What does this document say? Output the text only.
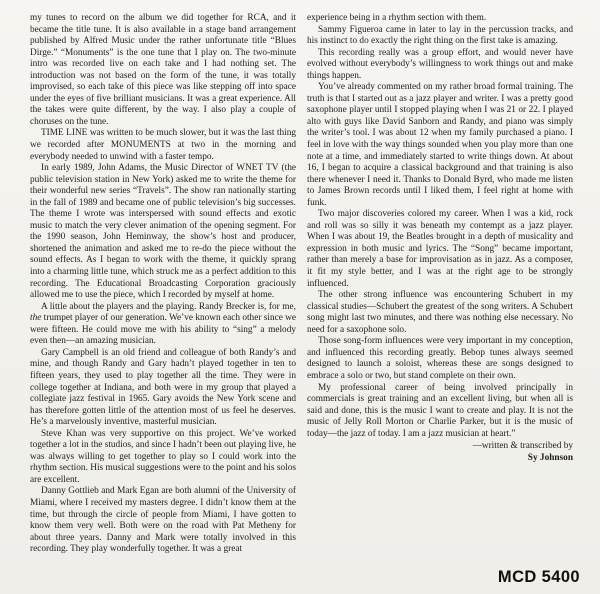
my tunes to record on the album we did together for RCA, and it became the title tune. It is also available in a stage band arrangement published by Alfred Music under the rather unfortunate title “Blues Dirge.” “Monuments” is the one tune that I play on. The two-minute intro was recorded live on each take and I had nothing set. The introduction was not based on the form of the tune, it was totally improvised, so each take of this piece was like stepping off into space under the eyes of five brilliant musicians. It was a great experience. All the takes were quite different, by the way. I also play a couple of choruses on the tune.

TIME LINE was written to be much slower, but it was the last thing we recorded after MONUMENTS at two in the morning and everybody needed to unwind with a faster tempo.

In early 1989, John Adams, the Music Director of WNET TV (the public television station in New York) asked me to write the theme for their wonderful new series “Travels”. The show ran nationally starting in the fall of 1989 and became one of public television’s big successes. The theme I wrote was interspersed with sound effects and exotic music to match the very clever animation of the opening segment. For the 1990 season, John Heminway, the show’s host and producer, shortened the animation and asked me to re-do the piece without the sound effects. As I began to work with the theme, it quickly sprang into a charming little tune, which struck me as a perfect addition to this recording. The Educational Broadcasting Corporation graciously allowed me to use the piece, which I recorded by myself at home.

A little about the players and the playing. Randy Brecker is, for me, the trumpet player of our generation. We’ve known each other since we were fifteen. He could move me with his ability to “sing” a melody even then—an amazing musician.

Gary Campbell is an old friend and colleague of both Randy’s and mine, and though Randy and Gary hadn’t played together in ten to fifteen years, they used to play together all the time. They were in college together at Indiana, and both were in my group that played a collegiate jazz festival in 1965. Gary avoids the New York scene and has therefore gotten little of the attention most of us feel he deserves. He’s a marvelously inventive, masterful musician.

Steve Khan was very supportive on this project. We’ve worked together a lot in the studios, and since I hadn’t been out playing live, he was always willing to get together to play so I could work into the rhythm section. His musical suggestions were to the point and his solos are excellent.

Danny Gottlieb and Mark Egan are both alumni of the University of Miami, where I received my masters degree. I didn’t know them at the time, but through the circle of people from Miami, I have gotten to know them very well. Both were on the road with Pat Metheny for about three years. Danny and Mark were totally involved in this recording. They play wonderfully together. It was a great

experience being in a rhythm section with them.

Sammy Figueroa came in later to lay in the percussion tracks, and his instinct to do exactly the right thing on the first take is amazing.

This recording really was a group effort, and would never have evolved without everybody’s willingness to work things out and make things happen.

You’ve already commented on my rather broad formal training. The truth is that I started out as a jazz player and writer. I was a pretty good saxophone player until I stopped playing when I was 21 or 22. I played alto with guys like David Sanborn and Randy, and piano was simply the writer’s tool. I was about 12 when my family purchased a piano. I feel in love with the way things sounded when you play more than one note at a time, and immediately started to write things down. At about 16, I began to acquire a classical background and that training is also there whenever I need it. Thanks to Donald Byrd, who made me listen to James Brown records until I liked them, I feel right at home with funk.

Two major discoveries colored my career. When I was a kid, rock and roll was so silly it was beneath my contempt as a jazz player. When I was about 19, the Beatles brought in a depth of musicality and expression in both music and lyrics. The “Song” became important, rather than merely a base for improvisation as in jazz. As a composer, it fit my style better, and I was at the right age to be strongly influenced.

The other strong influence was encountering Schubert in my classical studies—Schubert the greatest of the song writers. A Schubert song might last two minutes, and there was nothing else necessary. No need for a saxophone solo.

Those song-form influences were very important in my conception, and influenced this recording greatly. Bebop tunes always seemed designed to launch a soloist, whereas these are songs designed to embrace a solo or two, but stand complete on their own.

My professional career of being involved principally in commercials is great training and an excellent living, but when all is said and done, this is the music I want to create and play. It is not the music of Jelly Roll Morton or Charlie Parker, but it is the music of today—the jazz of today. I am a jazz musician at heart.”

—written & transcribed by
Sy Johnson
MCD 5400
